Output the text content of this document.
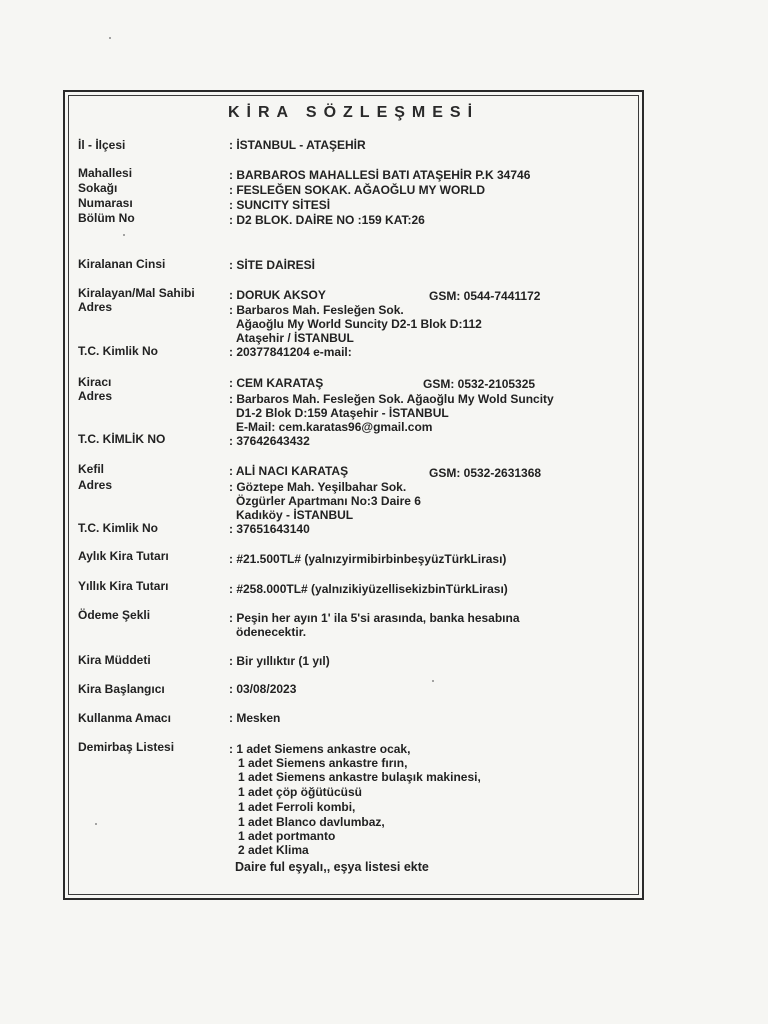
KİRA SÖZLEŞMESİ
İl - İlçesi	: İSTANBUL - ATAŞEHİR
Mahallesi	: BARBAROS MAHALLESİ BATI ATAŞEHİR P.K 34746
Sokağı	: FESLEĞEN SOKAK. AĞAOĞLU MY WORLD
Numarası	: SUNCITY SİTESİ
Bölüm No	: D2 BLOK. DAİRE NO :159 KAT:26
Kiralanan Cinsi	: SİTE DAİRESİ
Kiralayan/Mal Sahibi	: DORUK AKSOY	GSM: 0544-7441172
Adres	: Barbaros Mah. Fesleğen Sok.
Ağaoğlu My World Suncity D2-1 Blok D:112
Ataşehir / İSTANBUL
T.C. Kimlik No	: 20377841204 e-mail:
Kiracı	: CEM KARATAŞ	GSM: 0532-2105325
Adres	: Barbaros Mah. Fesleğen Sok. Ağaoğlu My Wold Suncity
D1-2 Blok D:159 Ataşehir - İSTANBUL
E-Mail: cem.karatas96@gmail.com
T.C. KİMLİK NO	: 37642643432
Kefil	: ALİ NACI KARATAŞ	GSM: 0532-2631368
Adres	: Göztepe Mah. Yeşilbahar Sok.
Özgürler Apartmanı No:3 Daire 6
Kadıköy - İSTANBUL
T.C. Kimlik No	: 37651643140
Aylık Kira Tutarı	: #21.500TL# (yalnızyirmibirbinbeşyüzTürkLirası)
Yıllık Kira Tutarı	: #258.000TL# (yalnızikiyüzellisekizbinTürkLirası)
Ödeme Şekli	: Peşin her ayın 1' ila 5'si arasında, banka hesabına
ödenecektir.
Kira Müddeti	: Bir yıllıktır (1 yıl)
Kira Başlangıcı	: 03/08/2023
Kullanma Amacı	: Mesken
Demirbaş Listesi	: 1 adet Siemens ankastre ocak,
1 adet Siemens ankastre fırın,
1 adet Siemens ankastre bulaşık makinesi,
1 adet çöp öğütücüsü
1 adet Ferroli kombi,
1 adet Blanco davlumbaz,
1 adet portmanto
2 adet Klima
Daire ful eşyalı,, eşya listesi ekte
